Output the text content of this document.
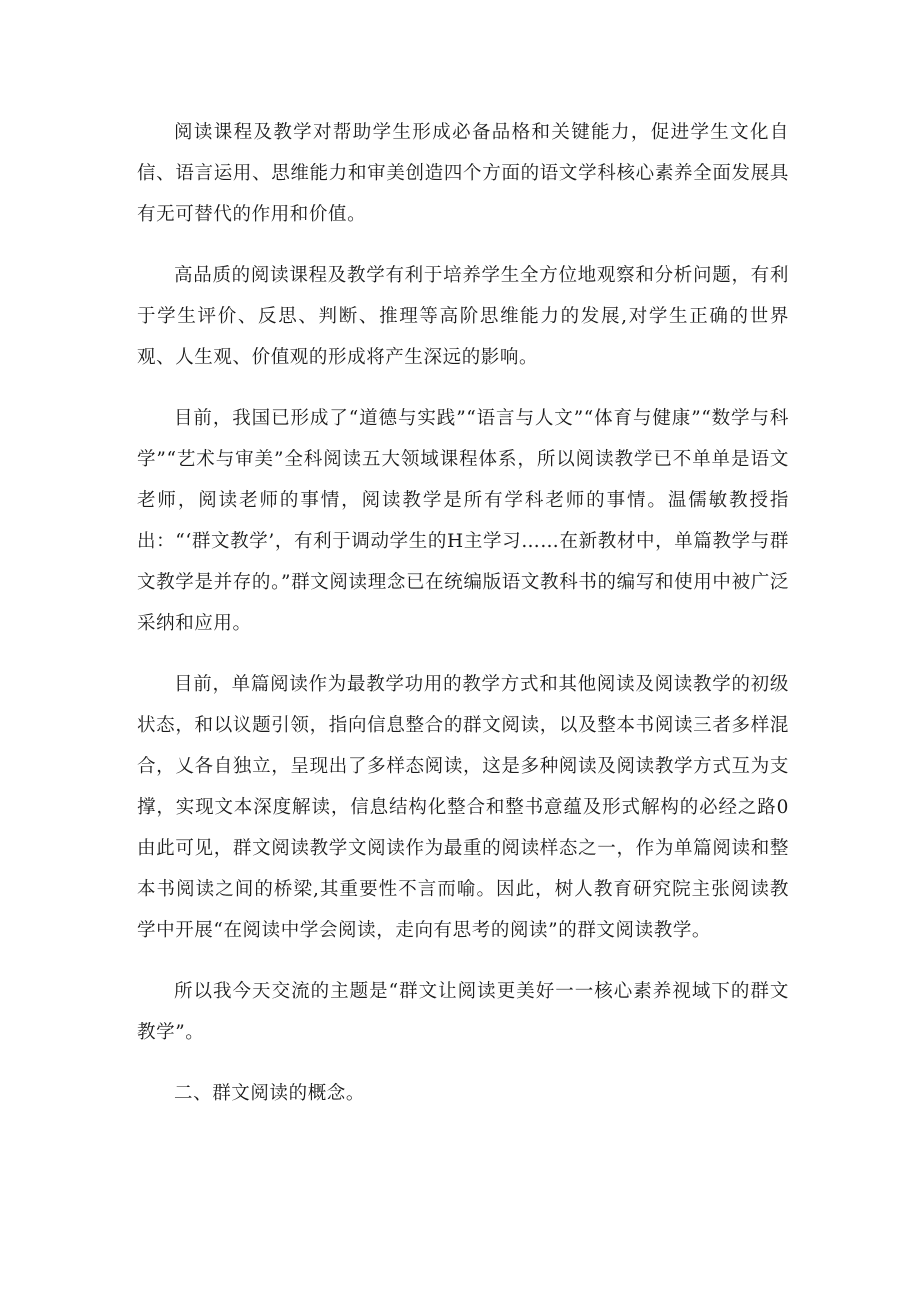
阅读课程及教学对帮助学生形成必备品格和关键能力，促进学生文化自信、语言运用、思维能力和审美创造四个方面的语文学科核心素养全面发展具有无可替代的作用和价值。

高品质的阅读课程及教学有利于培养学生全方位地观察和分析问题，有利于学生评价、反思、判断、推理等高阶思维能力的发展,对学生正确的世界观、人生观、价值观的形成将产生深远的影响。

目前，我国已形成了“道德与实践”“语言与人文”“体育与健康”“数学与科学”“艺术与审美”全科阅读五大领域课程体系，所以阅读教学已不单单是语文老师，阅读老师的事情，阅读教学是所有学科老师的事情。温儒敏教授指出：“‘群文教学’，有利于调动学生的H主学习……在新教材中，单篇教学与群文教学是并存的。”群文阅读理念已在统编版语文教科书的编写和使用中被广泛采纳和应用。

目前，单篇阅读作为最教学功用的教学方式和其他阅读及阅读教学的初级状态，和以议题引领，指向信息整合的群文阅读，以及整本书阅读三者多样混合，乂各自独立，呈现出了多样态阅读，这是多种阅读及阅读教学方式互为支撑，实现文本深度解读，信息结构化整合和整书意蕴及形式解构的必经之路0由此可见，群文阅读教学文阅读作为最重的阅读样态之一，作为单篇阅读和整本书阅读之间的桥梁,其重要性不言而喻。因此，树人教育研究院主张阅读教学中开展“在阅读中学会阅读，走向有思考的阅读”的群文阅读教学。

所以我今天交流的主题是“群文让阅读更美好一一核心素养视域下的群文教学”。

二、群文阅读的概念。
